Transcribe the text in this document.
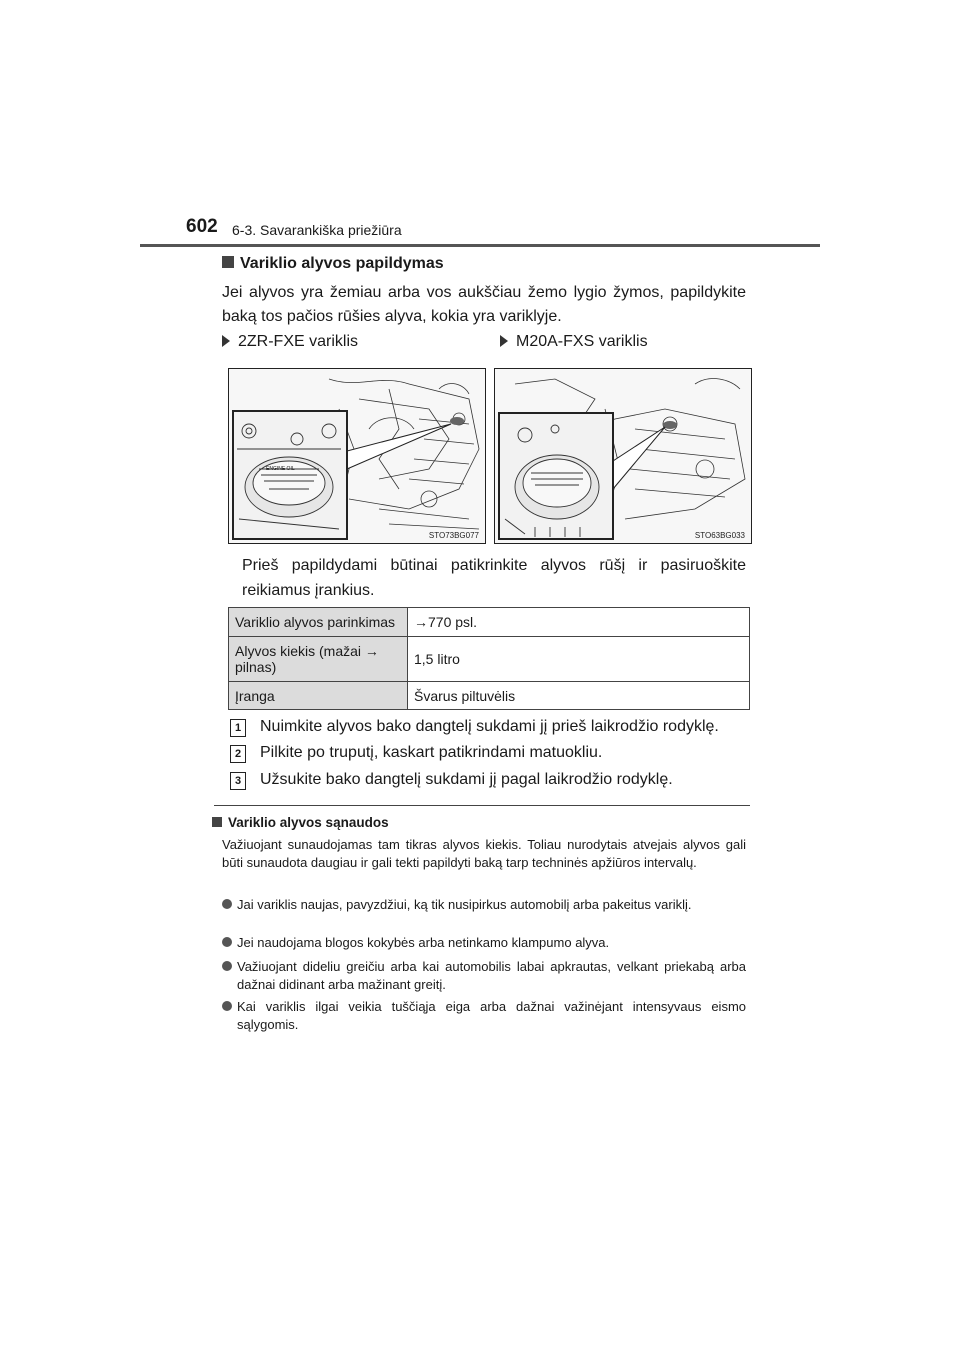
602 6-3. Savarankiška priežiūra
Variklio alyvos papildymas
Jei alyvos yra žemiau arba vos aukščiau žemo lygio žymos, papildykite baką tos pačios rūšies alyva, kokia yra variklyje.
2ZR-FXE variklis	M20A-FXS variklis
ENGINE OIL
STO73BG077	STO63BG033
Prieš papildydami būtinai patikrinkite alyvos rūšį ir pasiruoškite reikiamus įrankius.
Variklio alyvos parinkimas	→770 psl.
Alyvos kiekis (mažai → pilnas)	1,5 litro
Įranga	Švarus piltuvėlis
1	Nuimkite alyvos bako dangtelį sukdami jį prieš laikrodžio rodyklę.
2	Pilkite po truputį, kaskart patikrindami matuokliu.
3	Užsukite bako dangtelį sukdami jį pagal laikrodžio rodyklę.
Variklio alyvos sąnaudos
Važiuojant sunaudojamas tam tikras alyvos kiekis. Toliau nurodytais atvejais alyvos gali būti sunaudota daugiau ir gali tekti papildyti baką tarp techninės apžiūros intervalų.
Jai variklis naujas, pavyzdžiui, ką tik nusipirkus automobilį arba pakeitus variklį.
Jei naudojama blogos kokybės arba netinkamo klampumo alyva.
Važiuojant dideliu greičiu arba kai automobilis labai apkrautas, velkant priekabą arba dažnai didinant arba mažinant greitį.
Kai variklis ilgai veikia tuščiąja eiga arba dažnai važinėjant intensyvaus eismo sąlygomis.
